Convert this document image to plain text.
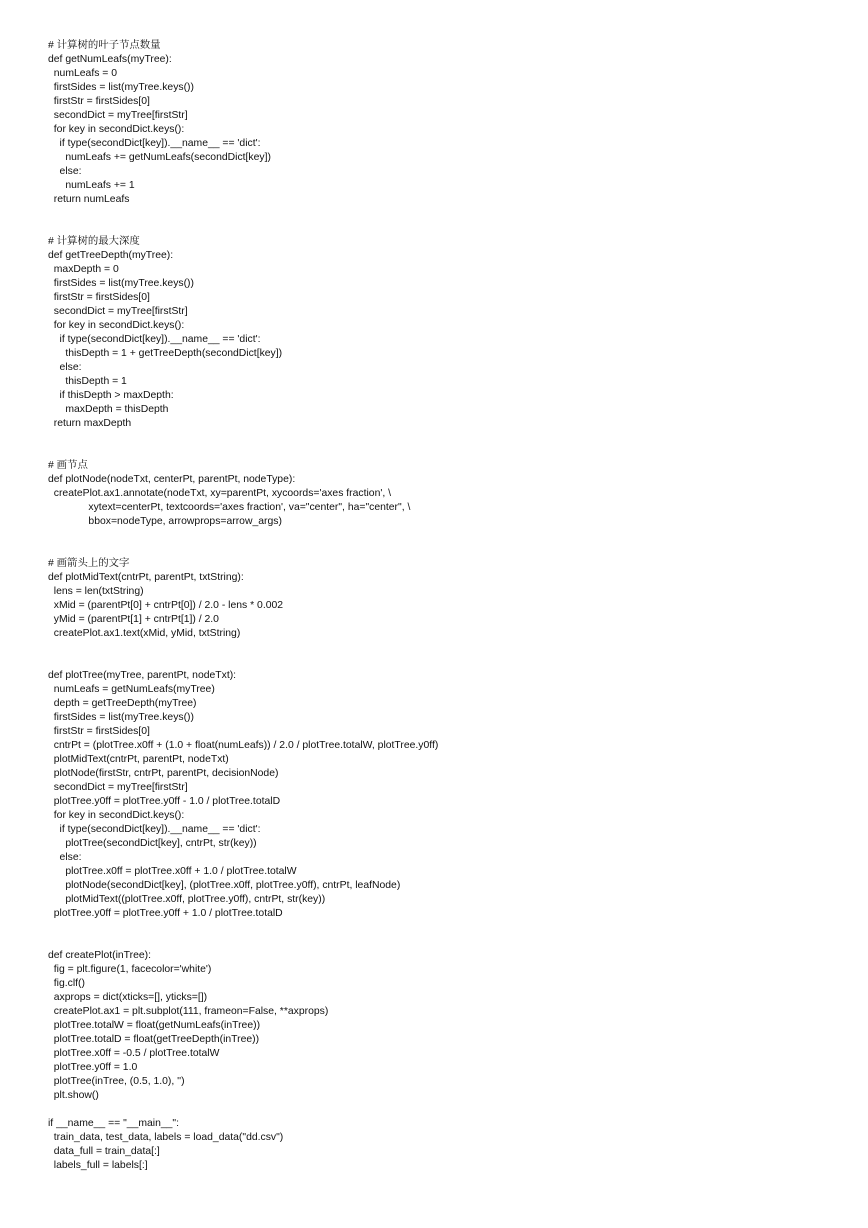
# 计算树的叶子节点数量
def getNumLeafs(myTree):
numLeafs = 0
firstSides = list(myTree.keys())
firstStr = firstSides[0]
secondDict = myTree[firstStr]
for key in secondDict.keys():
if type(secondDict[key]).__name__ == 'dict':
numLeafs += getNumLeafs(secondDict[key])
else:
numLeafs += 1
return numLeafs
# 计算树的最大深度
def getTreeDepth(myTree):
maxDepth = 0
firstSides = list(myTree.keys())
firstStr = firstSides[0]
secondDict = myTree[firstStr]
for key in secondDict.keys():
if type(secondDict[key]).__name__ == 'dict':
thisDepth = 1 + getTreeDepth(secondDict[key])
else:
thisDepth = 1
if thisDepth > maxDepth:
maxDepth = thisDepth
return maxDepth
# 画节点
def plotNode(nodeTxt, centerPt, parentPt, nodeType):
createPlot.ax1.annotate(nodeTxt, xy=parentPt, xycoords='axes fraction', \
xytext=centerPt, textcoords='axes fraction', va="center", ha="center", \
bbox=nodeType, arrowprops=arrow_args)
# 画箭头上的文字
def plotMidText(cntrPt, parentPt, txtString):
lens = len(txtString)
xMid = (parentPt[0] + cntrPt[0]) / 2.0 - lens * 0.002
yMid = (parentPt[1] + cntrPt[1]) / 2.0
createPlot.ax1.text(xMid, yMid, txtString)
def plotTree(myTree, parentPt, nodeTxt):
numLeafs = getNumLeafs(myTree)
depth = getTreeDepth(myTree)
firstSides = list(myTree.keys())
firstStr = firstSides[0]
cntrPt = (plotTree.x0ff + (1.0 + float(numLeafs)) / 2.0 / plotTree.totalW, plotTree.y0ff)
plotMidText(cntrPt, parentPt, nodeTxt)
plotNode(firstStr, cntrPt, parentPt, decisionNode)
secondDict = myTree[firstStr]
plotTree.y0ff = plotTree.y0ff - 1.0 / plotTree.totalD
for key in secondDict.keys():
if type(secondDict[key]).__name__ == 'dict':
plotTree(secondDict[key], cntrPt, str(key))
else:
plotTree.x0ff = plotTree.x0ff + 1.0 / plotTree.totalW
plotNode(secondDict[key], (plotTree.x0ff, plotTree.y0ff), cntrPt, leafNode)
plotMidText((plotTree.x0ff, plotTree.y0ff), cntrPt, str(key))
plotTree.y0ff = plotTree.y0ff + 1.0 / plotTree.totalD
def createPlot(inTree):
fig = plt.figure(1, facecolor='white')
fig.clf()
axprops = dict(xticks=[], yticks=[])
createPlot.ax1 = plt.subplot(111, frameon=False, **axprops)
plotTree.totalW = float(getNumLeafs(inTree))
plotTree.totalD = float(getTreeDepth(inTree))
plotTree.x0ff = -0.5 / plotTree.totalW
plotTree.y0ff = 1.0
plotTree(inTree, (0.5, 1.0), '')
plt.show()
if __name__ == "__main__":
train_data, test_data, labels = load_data("dd.csv")
data_full = train_data[:]
labels_full = labels[:]
